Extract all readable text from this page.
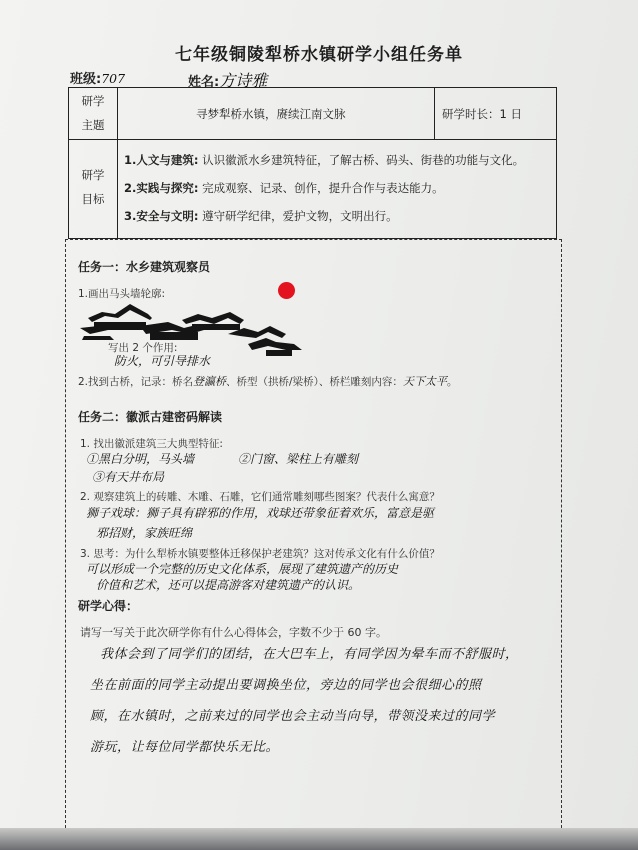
七年级铜陵犁桥水镇研学小组任务单
班级:707	姓名:方诗雅
研学
主题
寻梦犁桥水镇，赓续江南文脉	研学时长：1 日
研学
目标
1.人文与建筑: 认识徽派水乡建筑特征，了解古桥、码头、街巷的功能与文化。
2.实践与探究: 完成观察、记录、创作，提升合作与表达能力。
3.安全与文明: 遵守研学纪律，爱护文物，文明出行。
任务一：水乡建筑观察员
1.画出马头墙轮廓:
写出 2 个作用:
防火，可引导排水
2.找到古桥，记录：桥名登瀛桥、桥型（拱桥/梁桥）、桥栏雕刻内容：天下太平。
任务二：徽派古建密码解读
1. 找出徽派建筑三大典型特征:
①黑白分明，马头墙	②门窗、梁柱上有雕刻
③有天井布局
2. 观察建筑上的砖雕、木雕、石雕，它们通常雕刻哪些图案？代表什么寓意？
狮子戏球：狮子具有辟邪的作用，戏球还带象征着欢乐，富意是驱
邪招财，家族旺绵
3. 思考：为什么犁桥水镇要整体迁移保护老建筑？这对传承文化有什么价值？
可以形成一个完整的历史文化体系，展现了建筑遗产的历史
价值和艺术，还可以提高游客对建筑遗产的认识。
研学心得：
请写一写关于此次研学你有什么心得体会，字数不少于 60 字。
我体会到了同学们的团结，在大巴车上，有同学因为晕车而不舒服时，
坐在前面的同学主动提出要调换坐位，旁边的同学也会很细心的照
顾，在水镇时，之前来过的同学也会主动当向导，带领没来过的同学
游玩，让每位同学都快乐无比。
